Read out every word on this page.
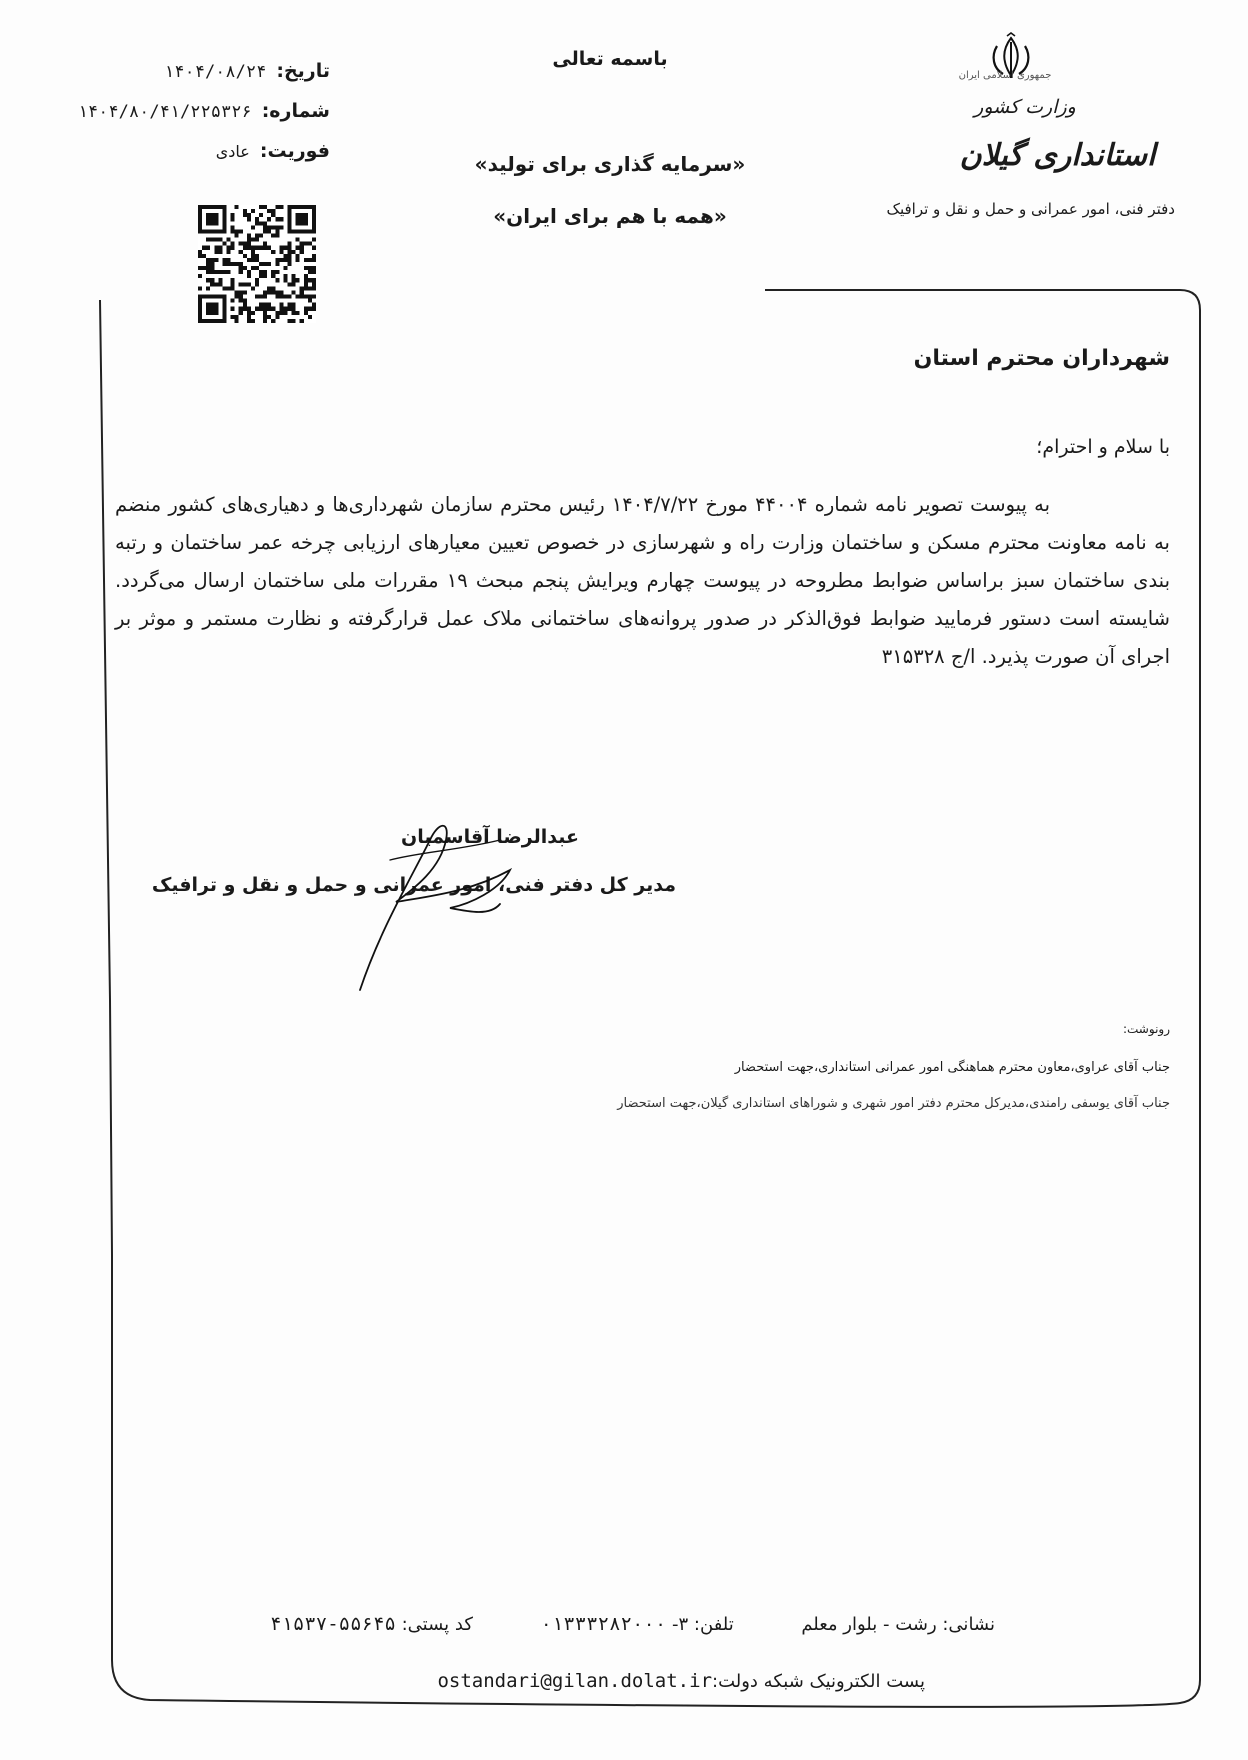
باسمه تعالی
«سرمایه گذاری برای تولید»
«همه با هم برای ایران»
تاریخ:
۱۴۰۴/۰۸/۲۴
شماره:
۱۴۰۴/۸۰/۴۱/۲۲۵۳۲۶
فوریت:
عادی
جمهوری اسلامی ایران
وزارت کشور
استانداری گیلان
دفتر فنی، امور عمرانی و حمل و نقل و ترافیک
شهرداران محترم استان
با سلام و احترام؛
به پیوست تصویر نامه شماره ۴۴۰۰۴ مورخ ۱۴۰۴/۷/۲۲ رئیس محترم سازمان شهرداری‌ها و دهیاری‌های کشور منضم به نامه معاونت محترم مسکن و ساختمان وزارت راه و شهرسازی در خصوص تعیین معیارهای ارزیابی چرخه عمر ساختمان و رتبه بندی ساختمان سبز براساس ضوابط مطروحه در پیوست چهارم ویرایش پنجم مبحث ۱۹ مقررات ملی ساختمان ارسال می‌گردد. شایسته است دستور فرمایید ضوابط فوق‌الذکر در صدور پروانه‌های ساختمانی ملاک عمل قرارگرفته و نظارت مستمر و موثر بر اجرای آن صورت پذیرد. ا/ج ۳۱۵۳۲۸
عبدالرضا آقاسمیان
مدیر کل دفتر فنی، امور عمرانی و حمل و نقل و ترافیک
رونوشت:
جناب آقای عراوی،معاون محترم هماهنگی امور عمرانی استانداری،جهت استحضار
جناب آقای یوسفی رامندی،مدیرکل محترم دفتر امور شهری و شوراهای استانداری گیلان،جهت استحضار
نشانی: رشت - بلوار معلم
تلفن: ۳- ۰۱۳۳۳۲۸۲۰۰۰
کد پستی: ۴۱۵۳۷-۵۵۶۴۵
پست الکترونیک شبکه دولت:
ostandari@gilan.dolat.ir
